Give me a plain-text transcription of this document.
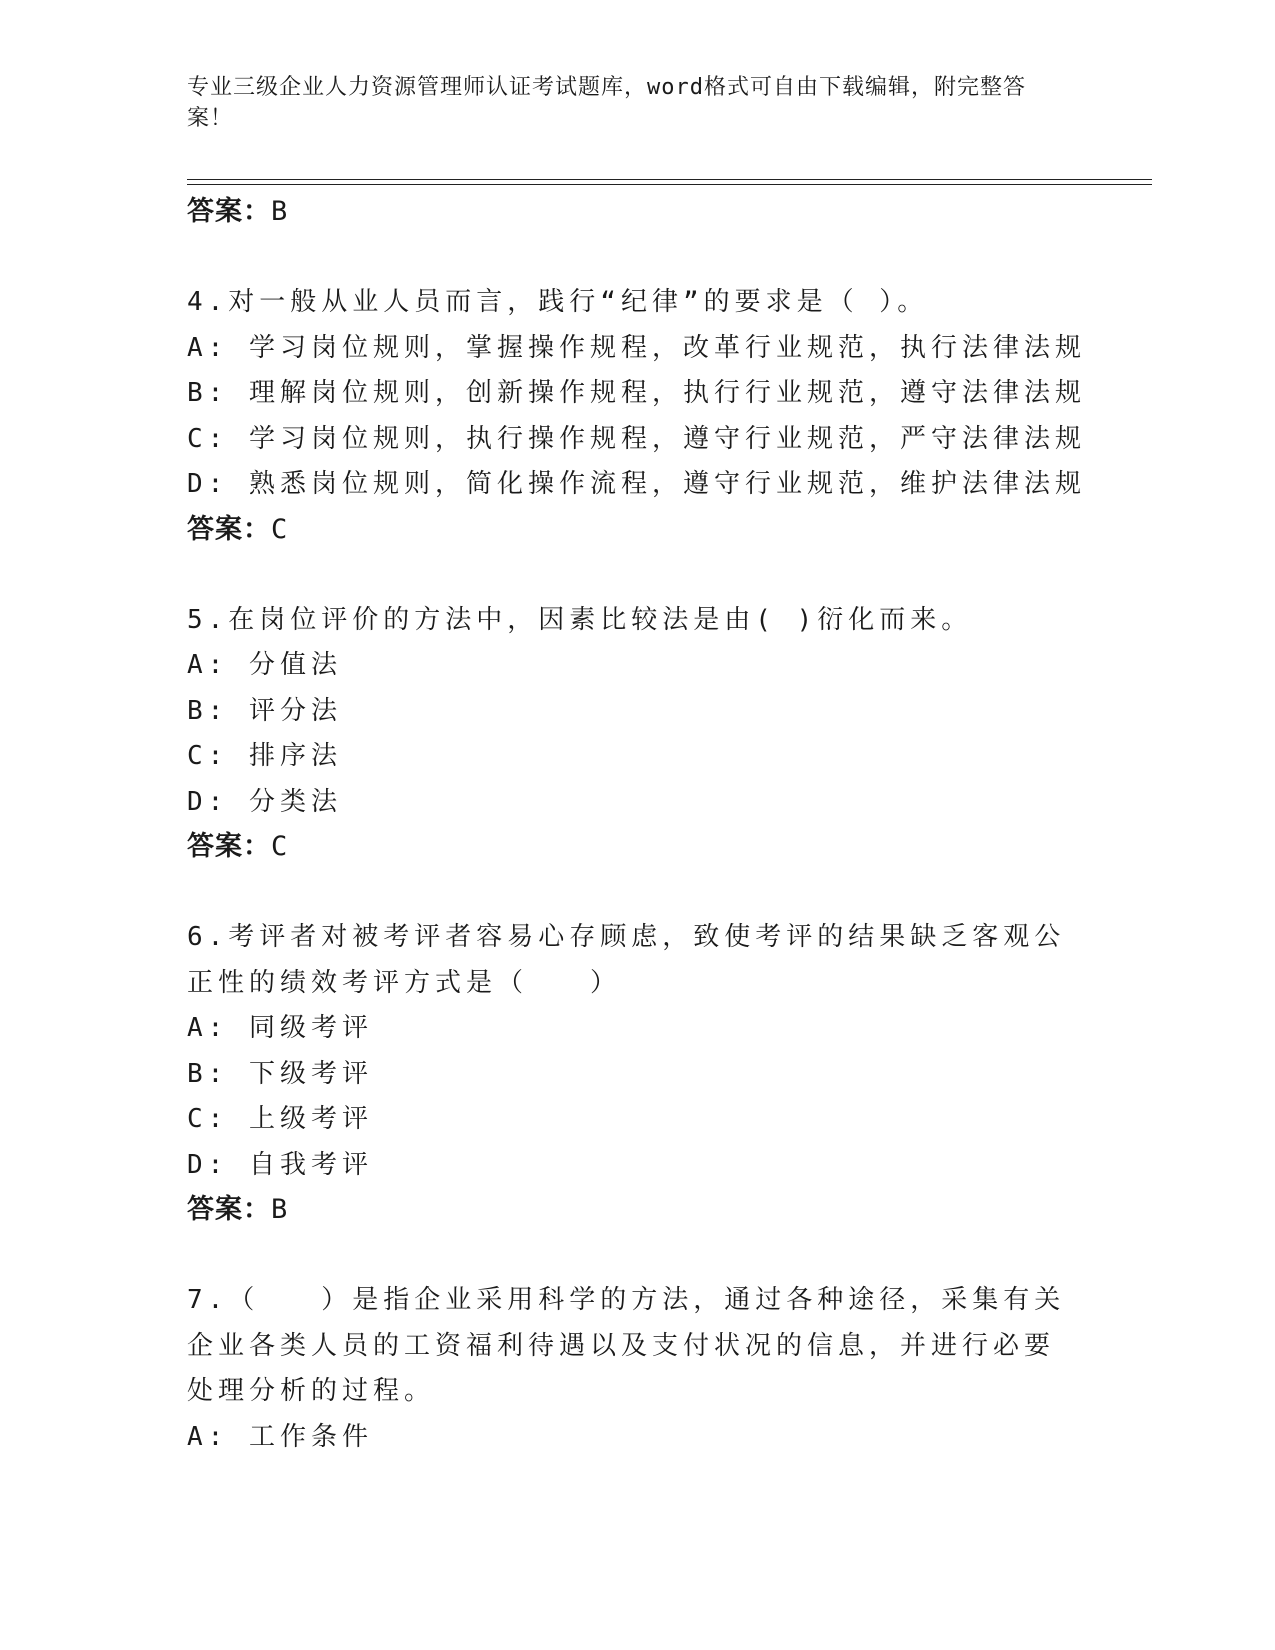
专业三级企业人力资源管理师认证考试题库，word格式可自由下载编辑，附完整答案！
答案：B
4.对一般从业人员而言，践行“纪律”的要求是（ ）。
A: 学习岗位规则，掌握操作规程，改革行业规范，执行法律法规
B: 理解岗位规则，创新操作规程，执行行业规范，遵守法律法规
C: 学习岗位规则，执行操作规程，遵守行业规范，严守法律法规
D: 熟悉岗位规则，简化操作流程，遵守行业规范，维护法律法规
答案：C
5.在岗位评价的方法中，因素比较法是由( )衍化而来。
A: 分值法
B: 评分法
C: 排序法
D: 分类法
答案：C
6.考评者对被考评者容易心存顾虑，致使考评的结果缺乏客观公正性的绩效考评方式是（　　）
A: 同级考评
B: 下级考评
C: 上级考评
D: 自我考评
答案：B
7.（　　）是指企业采用科学的方法，通过各种途径，采集有关企业各类人员的工资福利待遇以及支付状况的信息，并进行必要处理分析的过程。
A: 工作条件
